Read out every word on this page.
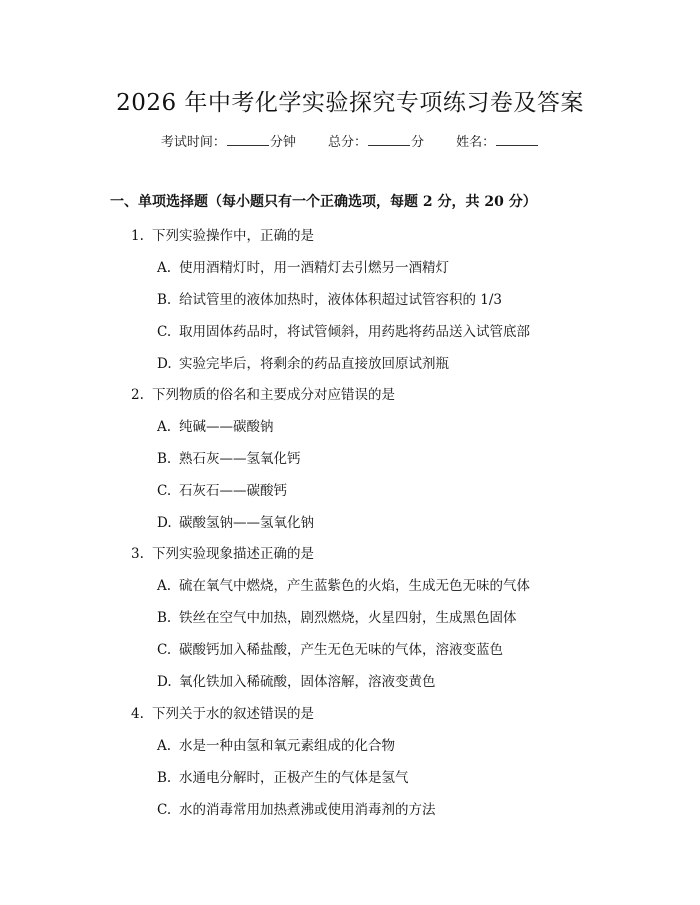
2026 年中考化学实验探究专项练习卷及答案
考试时间：	分钟 总分：	分 姓名：
一、单项选择题（每小题只有一个正确选项，每题 2 分，共 20 分）
1. 下列实验操作中，正确的是
A. 使用酒精灯时，用一酒精灯去引燃另一酒精灯
B. 给试管里的液体加热时，液体体积超过试管容积的 1/3
C. 取用固体药品时，将试管倾斜，用药匙将药品送入试管底部
D. 实验完毕后，将剩余的药品直接放回原试剂瓶
2. 下列物质的俗名和主要成分对应错误的是
A. 纯碱——碳酸钠
B. 熟石灰——氢氧化钙
C. 石灰石——碳酸钙
D. 碳酸氢钠——氢氧化钠
3. 下列实验现象描述正确的是
A. 硫在氧气中燃烧，产生蓝紫色的火焰，生成无色无味的气体
B. 铁丝在空气中加热，剧烈燃烧，火星四射，生成黑色固体
C. 碳酸钙加入稀盐酸，产生无色无味的气体，溶液变蓝色
D. 氧化铁加入稀硫酸，固体溶解，溶液变黄色
4. 下列关于水的叙述错误的是
A. 水是一种由氢和氧元素组成的化合物
B. 水通电分解时，正极产生的气体是氢气
C. 水的消毒常用加热煮沸或使用消毒剂的方法
